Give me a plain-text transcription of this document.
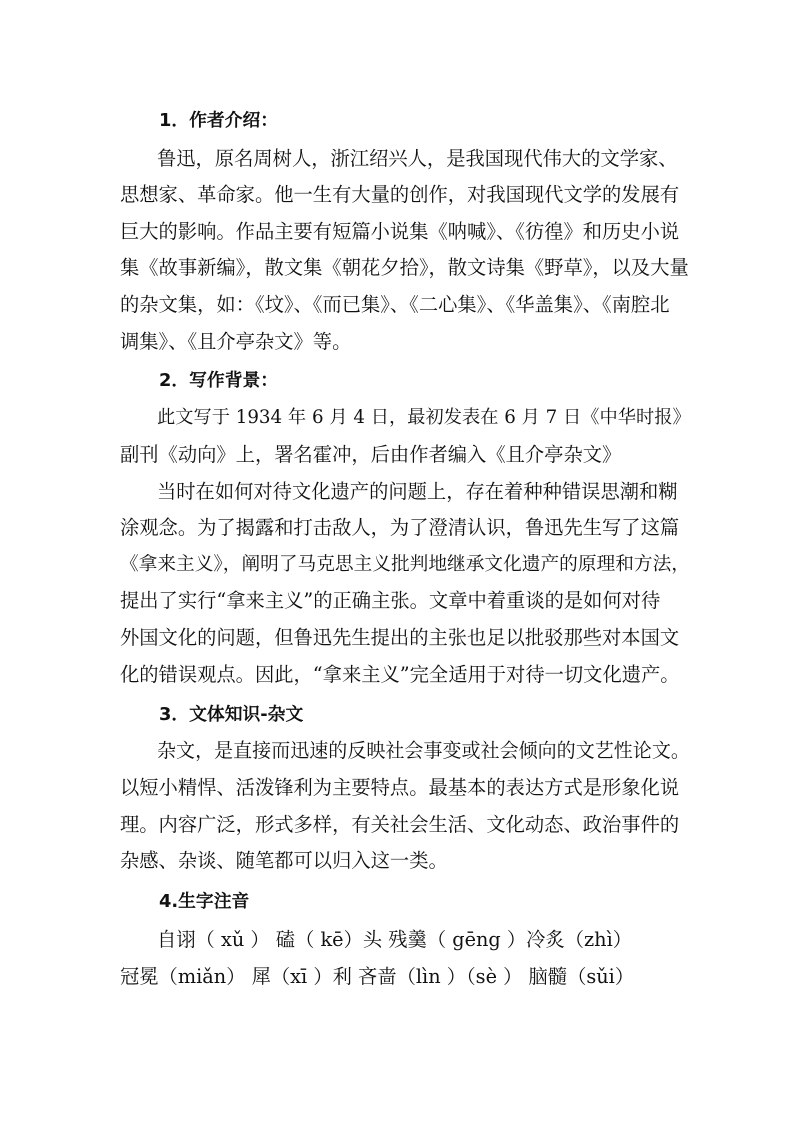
1．作者介绍：
鲁迅，原名周树人，浙江绍兴人，是我国现代伟大的文学家、
思想家、革命家。他一生有大量的创作，对我国现代文学的发展有
巨大的影响。作品主要有短篇小说集《呐喊》、《彷徨》和历史小说
集《故事新编》，散文集《朝花夕拾》，散文诗集《野草》，以及大量
的杂文集，如：《坟》、《而已集》、《二心集》、《华盖集》、《南腔北
调集》、《且介亭杂文》等。
2．写作背景：
此文写于 1934 年 6 月 4 日，最初发表在 6 月 7 日《中华时报》
副刊《动向》上，署名霍冲，后由作者编入《且介亭杂文》
当时在如何对待文化遗产的问题上，存在着种种错误思潮和糊
涂观念。为了揭露和打击敌人，为了澄清认识，鲁迅先生写了这篇
《拿来主义》，阐明了马克思主义批判地继承文化遗产的原理和方法，
提出了实行“拿来主义”的正确主张。文章中着重谈的是如何对待
外国文化的问题，但鲁迅先生提出的主张也足以批驳那些对本国文
化的错误观点。因此，“拿来主义”完全适用于对待一切文化遗产。
3．文体知识-杂文
杂文，是直接而迅速的反映社会事变或社会倾向的文艺性论文。
以短小精悍、活泼锋利为主要特点。最基本的表达方式是形象化说
理。内容广泛，形式多样，有关社会生活、文化动态、政治事件的
杂感、杂谈、随笔都可以归入这一类。
4.生字注音
自诩（ xǔ ） 磕（ kē）头 残羹（ gēng ）冷炙（zhì）
冠冕（miǎn） 犀（xī ）利 吝啬（lìn ）（sè ） 脑髓（sǔi）
